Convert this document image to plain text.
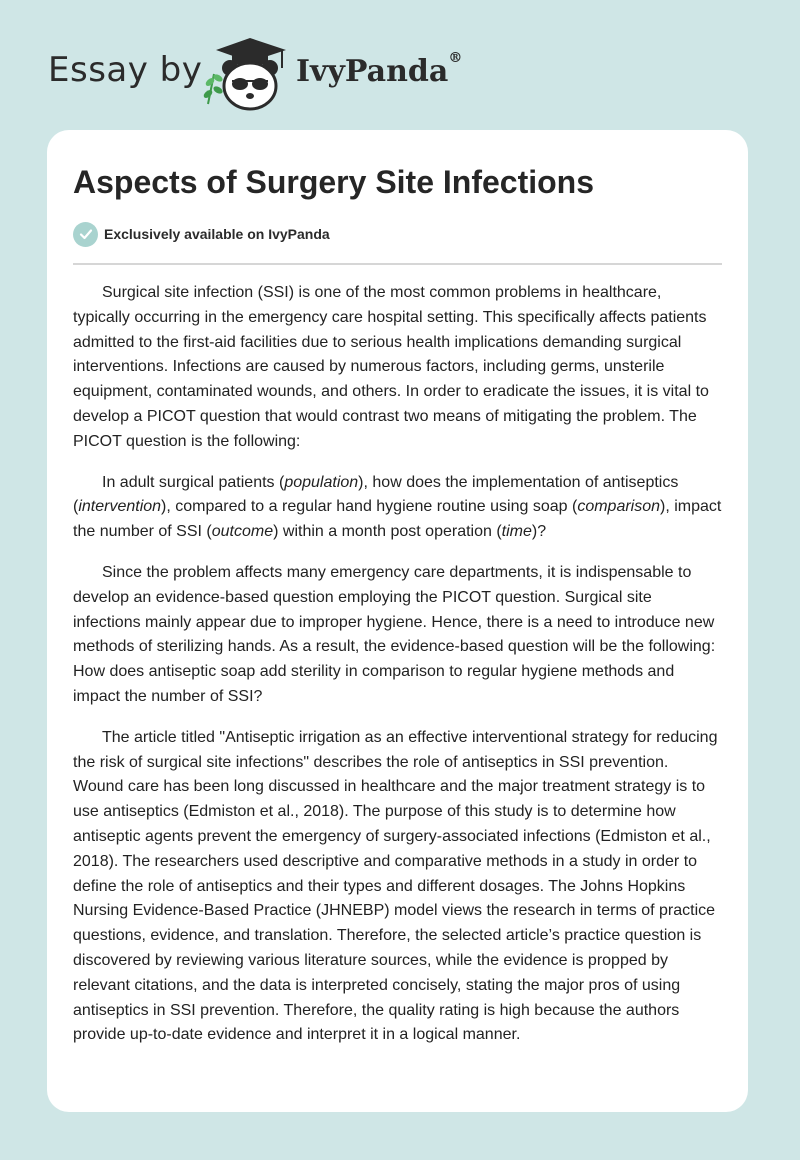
Essay by	IvyPanda®
Aspects of Surgery Site Infections
Exclusively available on IvyPanda

Surgical site infection (SSI) is one of the most common problems in healthcare, typically occurring in the emergency care hospital setting. This specifically affects patients admitted to the first-aid facilities due to serious health implications demanding surgical interventions. Infections are caused by numerous factors, including germs, unsterile equipment, contaminated wounds, and others. In order to eradicate the issues, it is vital to develop a PICOT question that would contrast two means of mitigating the problem. The PICOT question is the following:

In adult surgical patients (population), how does the implementation of antiseptics (intervention), compared to a regular hand hygiene routine using soap (comparison), impact the number of SSI (outcome) within a month post operation (time)?

Since the problem affects many emergency care departments, it is indispensable to develop an evidence-based question employing the PICOT question. Surgical site infections mainly appear due to improper hygiene. Hence, there is a need to introduce new methods of sterilizing hands. As a result, the evidence-based question will be the following: How does antiseptic soap add sterility in comparison to regular hygiene methods and impact the number of SSI?

The article titled "Antiseptic irrigation as an effective interventional strategy for reducing the risk of surgical site infections" describes the role of antiseptics in SSI prevention. Wound care has been long discussed in healthcare and the major treatment strategy is to use antiseptics (Edmiston et al., 2018). The purpose of this study is to determine how antiseptic agents prevent the emergency of surgery-associated infections (Edmiston et al., 2018). The researchers used descriptive and comparative methods in a study in order to define the role of antiseptics and their types and different dosages. The Johns Hopkins Nursing Evidence-Based Practice (JHNEBP) model views the research in terms of practice questions, evidence, and translation. Therefore, the selected article’s practice question is discovered by reviewing various literature sources, while the evidence is propped by relevant citations, and the data is interpreted concisely, stating the major pros of using antiseptics in SSI prevention. Therefore, the quality rating is high because the authors provide up-to-date evidence and interpret it in a logical manner.
